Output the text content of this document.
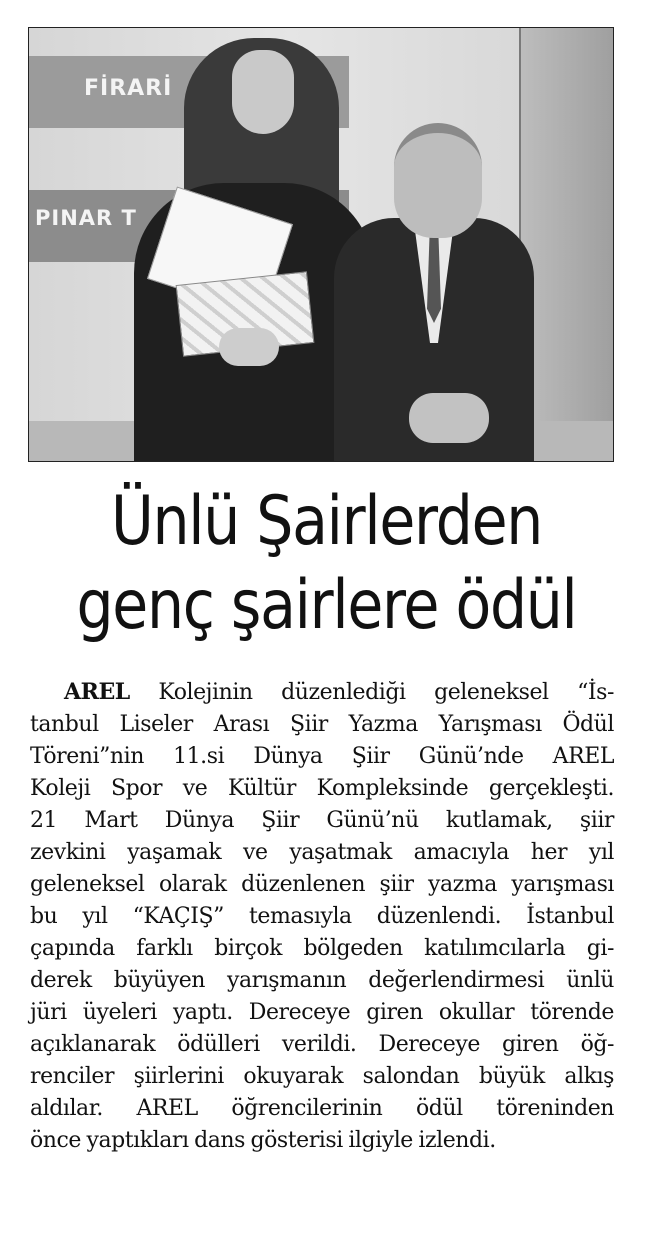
FİRARİ
PINAR T
Ünlü Şairlerden
genç şairlere ödül
AREL Kolejinin düzenlediği geleneksel “İs-
tanbul Liseler Arası Şiir Yazma Yarışması Ödül
Töreni”nin 11.si Dünya Şiir Günü’nde AREL
Koleji Spor ve Kültür Kompleksinde gerçekleşti.
21 Mart Dünya Şiir Günü’nü kutlamak, şiir
zevkini yaşamak ve yaşatmak amacıyla her yıl
geleneksel olarak düzenlenen şiir yazma yarışması
bu yıl “KAÇIŞ” temasıyla düzenlendi. İstanbul
çapında farklı birçok bölgeden katılımcılarla gi-
derek büyüyen yarışmanın değerlendirmesi ünlü
jüri üyeleri yaptı. Dereceye giren okullar törende
açıklanarak ödülleri verildi. Dereceye giren öğ-
renciler şiirlerini okuyarak salondan büyük alkış
aldılar. AREL öğrencilerinin ödül töreninden
önce yaptıkları dans gösterisi ilgiyle izlendi.
